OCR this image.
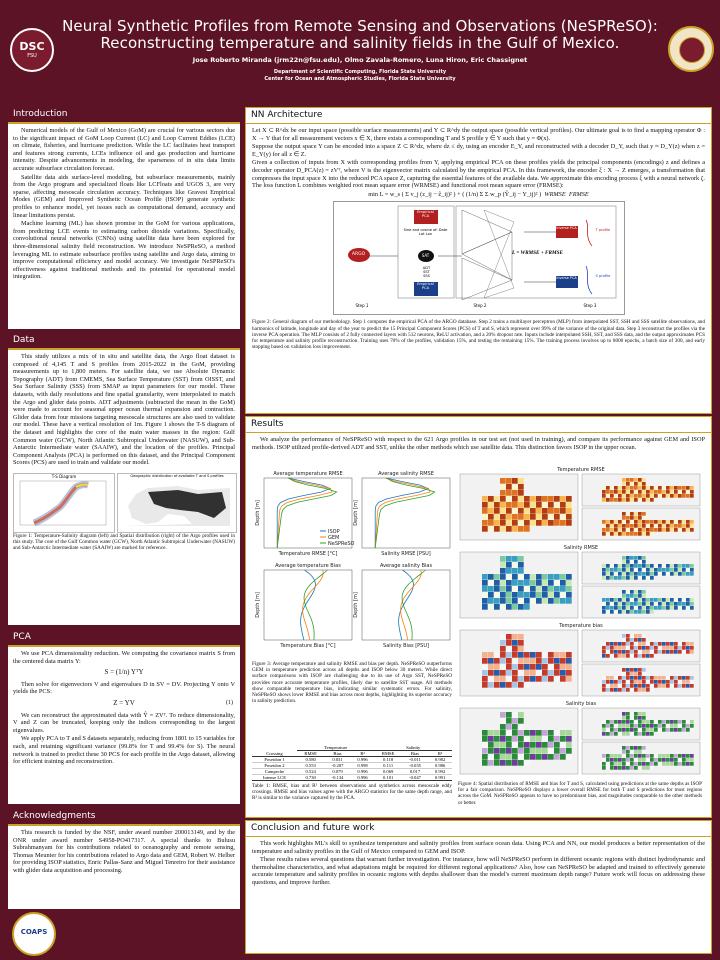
Neural Synthetic Profiles from Remote Sensing and Observations (NeSPReSO):
Reconstructing temperature and salinity fields in the Gulf of Mexico.
Jose Roberto Miranda (jrm22n@fsu.edu), Olmo Zavala-Romero, Luna Hiron, Eric Chassignet
Department of Scientific Computing, Florida State University
Center for Ocean and Atmospheric Studies, Florida State University
DSC
FSU
Introduction

Numerical models of the Gulf of Mexico (GoM) are crucial for various sectors due to the significant impact of GoM Loop Current (LC) and Loop Current Eddies (LCE) on climate, fisheries, and hurricane prediction. While the LC facilitates heat transport and features strong currents, LCEs influence oil and gas production and hurricane intensity. Despite advancements in modeling, the sparseness of in situ data limits accurate subsurface circulation forecast.

Satellite data aids surface-level modeling, but subsurface measurements, mainly from the Argo program and specialized floats like LCFloats and UGOS 3, are very sparse, affecting mesoscale circulation accuracy. Techniques like Gravest Empirical Modes (GEM) and Improved Synthetic Ocean Profile (ISOP) generate synthetic profiles to enhance model, yet issues such as computational demand, accuracy and linear limitations persist.

Machine learning (ML) has shown promise in the GoM for various applications, from predicting LCE events to estimating carbon dioxide variations. Specifically, convolutional neural networks (CNNs) using satellite data have been explored for three-dimensional salinity field reconstruction. We introduce NeSPReSO, a method leveraging ML to estimate subsurface profiles using satellite and Argo data, aiming to improve computational efficiency and model accuracy. We investigate NeSPReSO's effectiveness against traditional methods and its potential for operational model integration.

Data

This study utilizes a mix of in situ and satellite data, the Argo float dataset is composed of 4,145 T and S profiles from 2015-2022 in the GoM, providing measurements up to 1,800 meters. For satellite data, we use Absolute Dynamic Topography (ADT) from CMEMS, Sea Surface Temperature (SST) from OISST, and Sea Surface Salinity (SSS) from SMAP as input parameters for our model. These datasets, with daily resolutions and fine spatial granularity, were interpolated to match the Argo and glider data points. ADT adjustments (subtracted the mean in the GoM) were made to account for seasonal upper ocean thermal expansion and contraction. Glider data from four missions targeting mesoscale structures are also used to validate our model. These have a vertical resolution of 1m. Figure 1 shows the T-S diagram of the dataset and highlights the core of the main water masses in the region: Gulf Common water (GCW), North Atlantic Subtropical Underwater (NASUW), and Sub-Antarctic Intermediate water (SAAIW), and the location of the profiles. Principal Component Analysis (PCA) is performed on this dataset, and the Principal Component Scores (PCS) are used to train and validate our model.

T-S Diagram	Geographic distribution of available T and S profiles
Figure 1: Temperature-Salinity diagram (left) and Spatial distribution (right) of the Argo profiles used in this study. The core of the Gulf Common water (GCW), North Atlantic Subtropical Underwater (NASUW) and Sub-Antarctic Intermediate water (SAAIW) are marked for reference.
PCA

We use PCA dimensionality reduction. We computing the covariance matrix S from the centered data matrix Y:

S = (1/n) YᵀY

Then solve for eigenvectors V and eigenvalues D in SV = DV. Projecting Y onto V yields the PCS:

Z = YV	(1)

We can reconstruct the approximated data with Ŷ = ZVᵀ. To reduce dimensionality, V and Z can be truncated, keeping only the indices corresponding to the largest eigenvalues.

We apply PCA to T and S datasets separately, reducing from 1801 to 15 variables for each, and retaining significant variance (99.8% for T and 99.4% for S). The neural network is trained to predict these 30 PCS for each profile in the Argo dataset, allowing for efficient training and reconstruction.

Acknowledgments

This research is funded by the NSF, under award number 200013149, and by the ONR under award number S4958-PO417317. A special thanks to Bulusu Subrahmanyam for his contributions related to oceanography and remote sensing, Thomas Meunier for his contributions related to Argo data and GEM, Robert W. Helber for providing ISOP statistics, Enric Pallas-Sanz and Miguel Tenreiro for their assistance with glider data acquisition and processing.

COAPS
NN Architecture

Let X ⊂ R^dx be our input space (possible surface measurements) and Y ⊂ R^dy the output space (possible vertical profiles). Our ultimate goal is to find a mapping operator Φ : X → Y that for all measurement vectors x ∈ X, there exists a corresponding T and S profile y ∈ Y such that y = Φ(x).

Suppose the output space Y can be encoded into a space Z ⊂ R^dz, where dz ≤ dy, using an encoder E_Y, and reconstructed with a decoder D_Y, such that y ≈ D_Y(z) when z = E_Y(y) for all z ∈ Z.

Given a collection of inputs from X with corresponding profiles from Y, applying empirical PCA on these profiles yields the principal components (encodings) z and defines a decoder operator D_PCA(z) = zVᵀ, where V is the eigenvector matrix calculated by the empirical PCA. In this framework, the encoder ξ : X → Z emerges, a transformation that compresses the input space X into the reduced PCA space Z, capturing the essential features of the available data. We approximate this encoding process ξ with a neural network ζ. The loss function L combines weighted root mean square error (WRMSE) and functional root mean square error (FRMSE):

min L = w_s ( Σ v_j (z_ij − ẑ_ij)² ) + ( (1/n) Σ Σ w_p (Ŷ_ij − Y_ij)² ) WRMSE FRMSE
ARGO
Empirical PCA
Sine and cosine of: Date Lat Lon
SAT
ADT SST SSS
Empirical PCA
L = WRMSE + FRMSE
Inverse PCA
Inverse PCA
T profile
S profile
Step 1	Step 2	Step 3
Figure 2: General diagram of our methodology. Step 1 computes the empirical PCA of the ARGO database. Step 2 trains a multilayer perceptron (MLP) from interpolated SST, SSH and SSS satellite observations, and harmonics of latitude, longitude and day of the year to predict the 15 Principal Component Scores (PCS) of T and S, which represent over 99% of the variance of the original data. Step 3 reconstruct the profiles via the inverse PCA operation. The MLP consists of 2 fully connected layers with 512 neurons, ReLU activation, and a 20% dropout rate. Inputs include interpolated SSH, SST, and SSS data, and the output approximates PCS for temperature and salinity profile reconstruction. Training uses 70% of the profiles, validation 15%, and testing the remaining 15%. The training process involves up to 8000 epochs, a batch size of 300, and early stopping based on validation loss improvement.
Results

We analyze the performance of NeSPReSO with respect to the 621 Argo profiles in our test set (not used in training), and compare its performance against GEM and ISOP methods. ISOP utilized profile-derived ADT and SST, unlike the other methods which use satellite data. This distinction favors ISOP in the upper ocean.

Average temperature RMSE
Temperature RMSE [°C]
Depth [m]
ISOP
GEM
NeSPReSO
Average salinity RMSE
Salinity RMSE [PSU]
Depth [m]
Average temperature Bias
Temperature Bias [°C]
Depth [m]
Average salinity Bias
Salinity Bias [PSU]
Depth [m]
Figure 3: Average temperature and salinity RMSE and bias per depth. NeSPReSO outperforms GEM in temperature prediction across all depths and ISOP below 30 meters. While direct surface comparisons with ISOP are challenging due to its use of Argo SST, NeSPReSO provides more accurate temperature profiles, likely due to satellite SST usage. All methods show comparable temperature bias, indicating similar systematic errors. For salinity, NeSPReSO shows lower RMSE and bias across most depths, highlighting its superior accuracy in salinity prediction.
	Temperature			Salinity		
Crossing	RMSE	Bias	R²	RMSE	Bias	R²
Poseidon 1	0.580	0.031	0.996	0.118	-0.011	0.982
Poseidon 2	0.553	-0.207	0.998	0.111	-0.035	0.986
Campeche	0.524	0.079	0.996	0.069	0.017	0.992
Intense LCE	0.730	-0.134	0.996	0.101	-0.047	0.991
Table 1: RMSE, bias and R² between observations and synthetics across mesoscale eddy crossings. RMSE and bias values agree with the ARGO statistics for the same depth range, and R² is similar to the variance captured by the PCA.
Temperature RMSE
Salinity RMSE
Temperature bias
Salinity bias
Figure 4: Spatial distribution of RMSE and bias for T and S, calculated using predictions at the same depths as ISOP for a fair comparison. NeSPReSO displays a lower overall RMSE for both T and S predictions for most regions across the GoM. NeSPReSO appears to have no predominant bias, and magnitudes comparable to the other methods or better.
Conclusion and future work

This work highlights ML's skill to synthesize temperature and salinity profiles from surface ocean data. Using PCA and NN, our model produces a better representation of the temperature and salinity profiles in the Gulf of Mexico compared to GEM and ISOP.

These results raises several questions that warrant further investigation. For instance, how will NeSPReSO perform in different oceanic regions with distinct hydrodynamic and thermohaline characteristics, and what adaptations might be required for different regional applications? Also, how can NeSPReSO be adapted and trained to effectively generate accurate temperature and salinity profiles in oceanic regions with depths shallower than the model's current maximum depth range? Future work will focus on addressing these questions, and improve further.
